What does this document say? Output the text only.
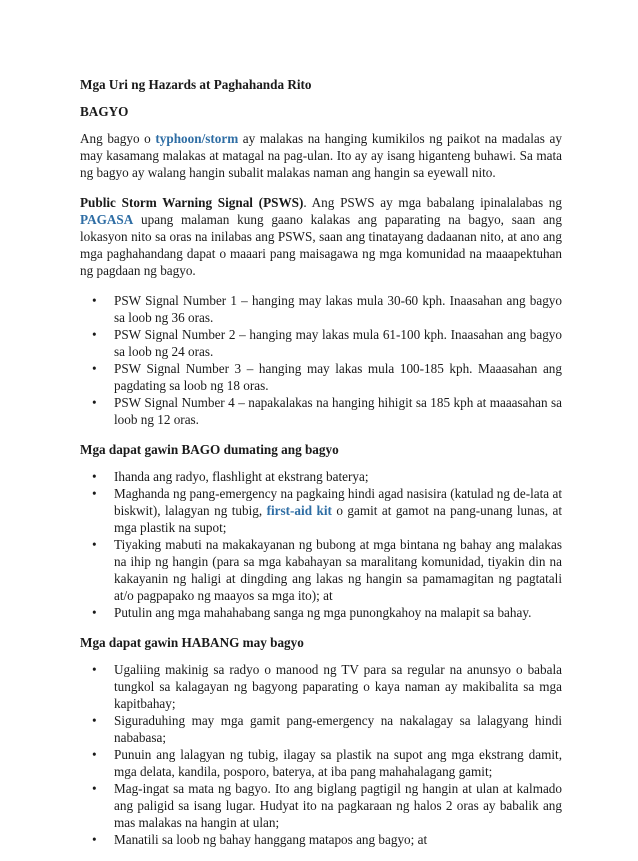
Mga Uri ng Hazards at Paghahanda Rito

BAGYO

Ang bagyo o typhoon/storm ay malakas na hanging kumikilos ng paikot na madalas ay may kasamang malakas at matagal na pag-ulan. Ito ay ay isang higanteng buhawi. Sa mata ng bagyo ay walang hangin subalit malakas naman ang hangin sa eyewall nito.

Public Storm Warning Signal (PSWS). Ang PSWS ay mga babalang ipinalalabas ng PAGASA upang malaman kung gaano kalakas ang paparating na bagyo, saan ang lokasyon nito sa oras na inilabas ang PSWS, saan ang tinatayang dadaanan nito, at ano ang mga paghahandang dapat o maaari pang maisagawa ng mga komunidad na maaapektuhan ng pagdaan ng bagyo.

• PSW Signal Number 1 – hanging may lakas mula 30-60 kph. Inaasahan ang bagyo sa loob ng 36 oras.
• PSW Signal Number 2 – hanging may lakas mula 61-100 kph. Inaasahan ang bagyo sa loob ng 24 oras.
• PSW Signal Number 3 – hanging may lakas mula 100-185 kph. Maaasahan ang pagdating sa loob ng 18 oras.
• PSW Signal Number 4 – napakalakas na hanging hihigit sa 185 kph at maaasahan sa loob ng 12 oras.

Mga dapat gawin BAGO dumating ang bagyo

• Ihanda ang radyo, flashlight at ekstrang baterya;
• Maghanda ng pang-emergency na pagkaing hindi agad nasisira (katulad ng de-lata at biskwit), lalagyan ng tubig, first-aid kit o gamit at gamot na pang-unang lunas, at mga plastik na supot;
• Tiyaking mabuti na makakayanan ng bubong at mga bintana ng bahay ang malakas na ihip ng hangin (para sa mga kabahayan sa maralitang komunidad, tiyakin din na kakayanin ng haligi at dingding ang lakas ng hangin sa pamamagitan ng pagtatali at/o pagpapako ng maayos sa mga ito); at
• Putulin ang mga mahahabang sanga ng mga punongkahoy na malapit sa bahay.

Mga dapat gawin HABANG may bagyo

• Ugaliing makinig sa radyo o manood ng TV para sa regular na anunsyo o babala tungkol sa kalagayan ng bagyong paparating o kaya naman ay makibalita sa mga kapitbahay;
• Siguraduhing may mga gamit pang-emergency na nakalagay sa lalagyang hindi nababasa;
• Punuin ang lalagyan ng tubig, ilagay sa plastik na supot ang mga ekstrang damit, mga delata, kandila, posporo, baterya, at iba pang mahahalagang gamit;
• Mag-ingat sa mata ng bagyo. Ito ang biglang pagtigil ng hangin at ulan at kalmado ang paligid sa isang lugar. Hudyat ito na pagkaraan ng halos 2 oras ay babalik ang mas malakas na hangin at ulan;
• Manatili sa loob ng bahay hanggang matapos ang bagyo; at
